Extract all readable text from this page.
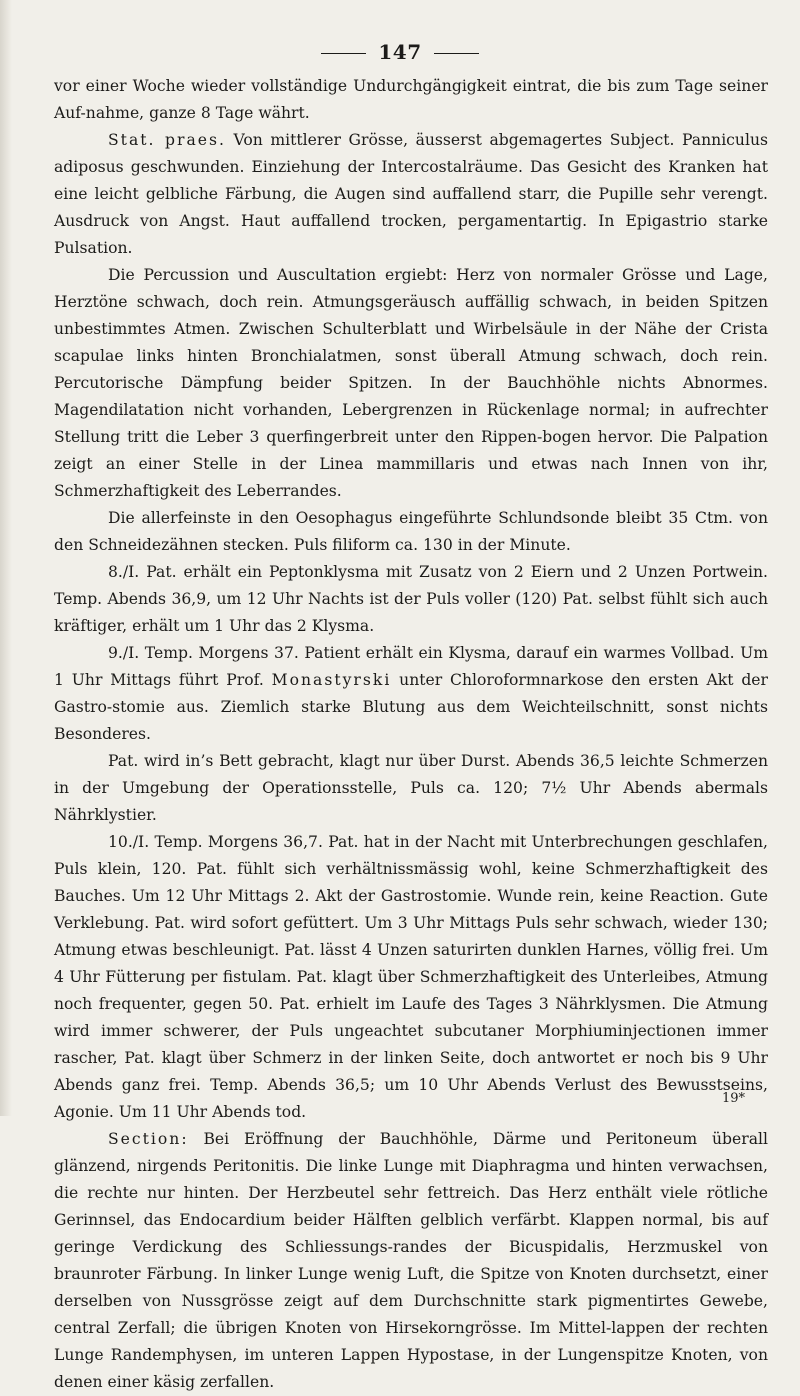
147

vor einer Woche wieder vollständige Undurchgängigkeit eintrat, die bis zum Tage seiner Auf-nahme, ganze 8 Tage währt.

Stat. praes. Von mittlerer Grösse, äusserst abgemagertes Subject. Panniculus adiposus geschwunden. Einziehung der Intercostalräume. Das Gesicht des Kranken hat eine leicht gelbliche Färbung, die Augen sind auffallend starr, die Pupille sehr verengt. Ausdruck von Angst. Haut auffallend trocken, pergamentartig. In Epigastrio starke Pulsation.

Die Percussion und Auscultation ergiebt: Herz von normaler Grösse und Lage, Herztöne schwach, doch rein. Atmungsgeräusch auffällig schwach, in beiden Spitzen unbestimmtes Atmen. Zwischen Schulterblatt und Wirbelsäule in der Nähe der Crista scapulae links hinten Bronchialatmen, sonst überall Atmung schwach, doch rein. Percutorische Dämpfung beider Spitzen. In der Bauchhöhle nichts Abnormes. Magendilatation nicht vorhanden, Lebergrenzen in Rückenlage normal; in aufrechter Stellung tritt die Leber 3 querfingerbreit unter den Rippen-bogen hervor. Die Palpation zeigt an einer Stelle in der Linea mammillaris und etwas nach Innen von ihr, Schmerzhaftigkeit des Leberrandes.

Die allerfeinste in den Oesophagus eingeführte Schlundsonde bleibt 35 Ctm. von den Schneidezähnen stecken. Puls filiform ca. 130 in der Minute.

8./I. Pat. erhält ein Peptonklysma mit Zusatz von 2 Eiern und 2 Unzen Portwein. Temp. Abends 36,9, um 12 Uhr Nachts ist der Puls voller (120) Pat. selbst fühlt sich auch kräftiger, erhält um 1 Uhr das 2 Klysma.

9./I. Temp. Morgens 37. Patient erhält ein Klysma, darauf ein warmes Vollbad. Um 1 Uhr Mittags führt Prof. Monastyrski unter Chloroformnarkose den ersten Akt der Gastro-stomie aus. Ziemlich starke Blutung aus dem Weichteilschnitt, sonst nichts Besonderes.

Pat. wird in’s Bett gebracht, klagt nur über Durst. Abends 36,5 leichte Schmerzen in der Umgebung der Operationsstelle, Puls ca. 120; 7½ Uhr Abends abermals Nährklystier.

10./I. Temp. Morgens 36,7. Pat. hat in der Nacht mit Unterbrechungen geschlafen, Puls klein, 120. Pat. fühlt sich verhältnissmässig wohl, keine Schmerzhaftigkeit des Bauches. Um 12 Uhr Mittags 2. Akt der Gastrostomie. Wunde rein, keine Reaction. Gute Verklebung. Pat. wird sofort gefüttert. Um 3 Uhr Mittags Puls sehr schwach, wieder 130; Atmung etwas beschleunigt. Pat. lässt 4 Unzen saturirten dunklen Harnes, völlig frei. Um 4 Uhr Fütterung per fistulam. Pat. klagt über Schmerzhaftigkeit des Unterleibes, Atmung noch frequenter, gegen 50. Pat. erhielt im Laufe des Tages 3 Nährklysmen. Die Atmung wird immer schwerer, der Puls ungeachtet subcutaner Morphiuminjectionen immer rascher, Pat. klagt über Schmerz in der linken Seite, doch antwortet er noch bis 9 Uhr Abends ganz frei. Temp. Abends 36,5; um 10 Uhr Abends Verlust des Bewusstseins, Agonie. Um 11 Uhr Abends tod.

Section: Bei Eröffnung der Bauchhöhle, Därme und Peritoneum überall glänzend, nirgends Peritonitis. Die linke Lunge mit Diaphragma und hinten verwachsen, die rechte nur hinten. Der Herzbeutel sehr fettreich. Das Herz enthält viele rötliche Gerinnsel, das Endocardium beider Hälften gelblich verfärbt. Klappen normal, bis auf geringe Verdickung des Schliessungs-randes der Bicuspidalis, Herzmuskel von braunroter Färbung. In linker Lunge wenig Luft, die Spitze von Knoten durchsetzt, einer derselben von Nussgrösse zeigt auf dem Durchschnitte stark pigmentirtes Gewebe, central Zerfall; die übrigen Knoten von Hirsekorngrösse. Im Mittel-lappen der rechten Lunge Randemphysen, im unteren Lappen Hypostase, in der Lungenspitze Knoten, von denen einer käsig zerfallen.

19*
